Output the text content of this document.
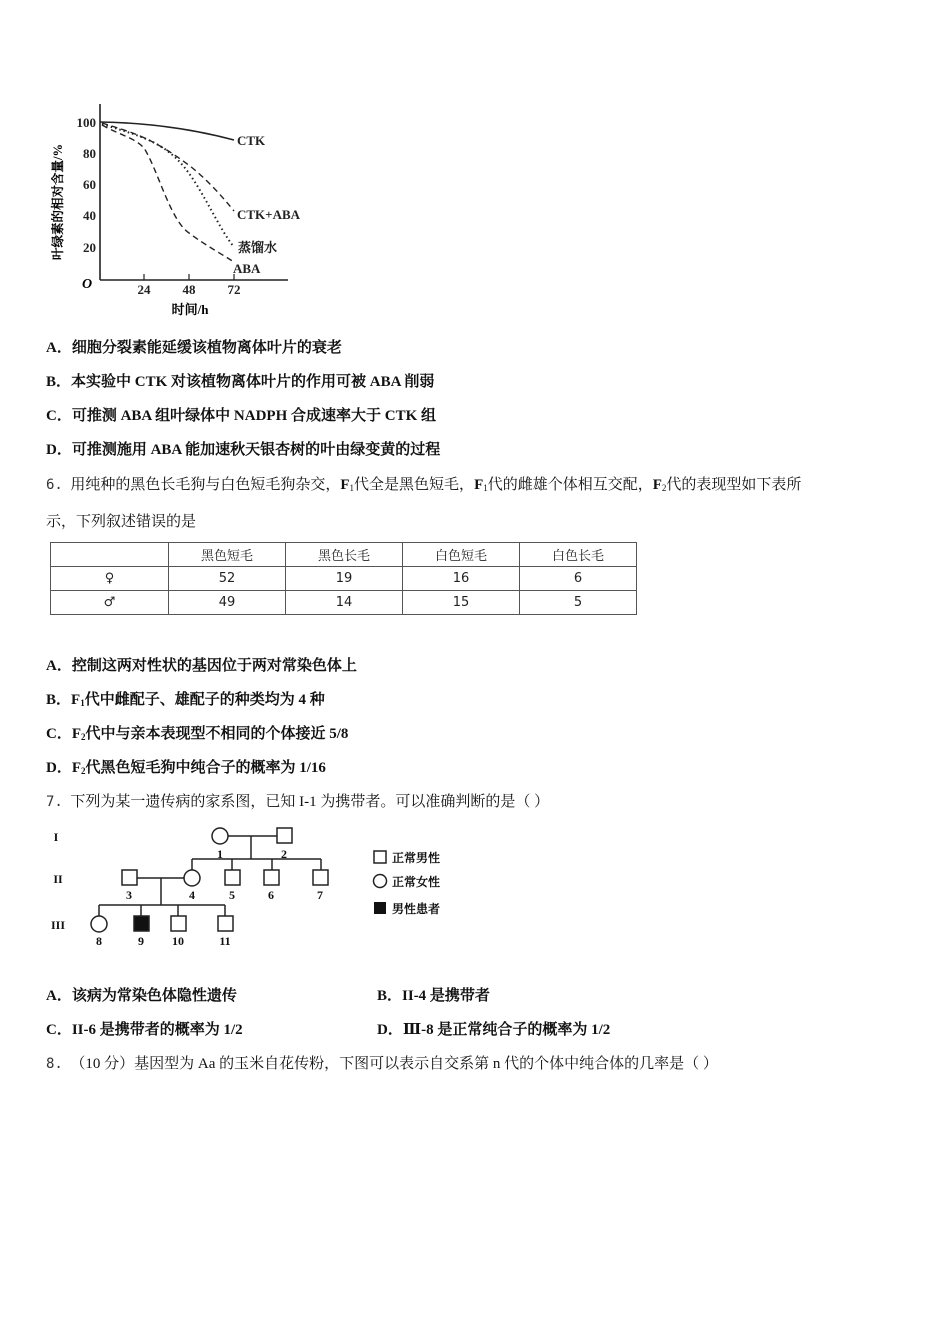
100
80
60
40
20
O	24 48 72
时间/h
叶绿素的相对含量/%
CTK
CTK+ABA
蒸馏水
ABA
A．细胞分裂素能延缓该植物离体叶片的衰老
B．本实验中 CTK 对该植物离体叶片的作用可被 ABA 削弱
C．可推测 ABA 组叶绿体中 NADPH 合成速率大于 CTK 组
D．可推测施用 ABA 能加速秋天银杏树的叶由绿变黄的过程
6. 用纯种的黑色长毛狗与白色短毛狗杂交，$F_1$代全是黑色短毛，$F_1$代的雌雄个体相互交配，$F_2$代的表现型如下表所
示，下列叙述错误的是
	黑色短毛	黑色长毛	白色短毛	白色长毛
♀	52	19	16	6
♂	49	14	15	5
A．控制这两对性状的基因位于两对常染色体上
B．$F_1$代中雌配子、雄配子的种类均为 4 种
C．$F_2$代中与亲本表现型不相同的个体接近 5/8
D．$F_2$代黑色短毛狗中纯合子的概率为 1/16
7. 下列为某一遗传病的家系图，已知 I-1 为携带者。可以准确判断的是（ ）
I
II
III
1	2
3	4	5	6	7
8	9 10	11
正常男性
正常女性
男性患者
A．该病为常染色体隐性遗传	B．II-4 是携带者
C．II-6 是携带者的概率为 1/2	D．Ⅲ-8 是正常纯合子的概率为 1/2
8. （10 分）基因型为 Aa 的玉米自花传粉，下图可以表示自交系第 n 代的个体中纯合体的几率是（ ）
